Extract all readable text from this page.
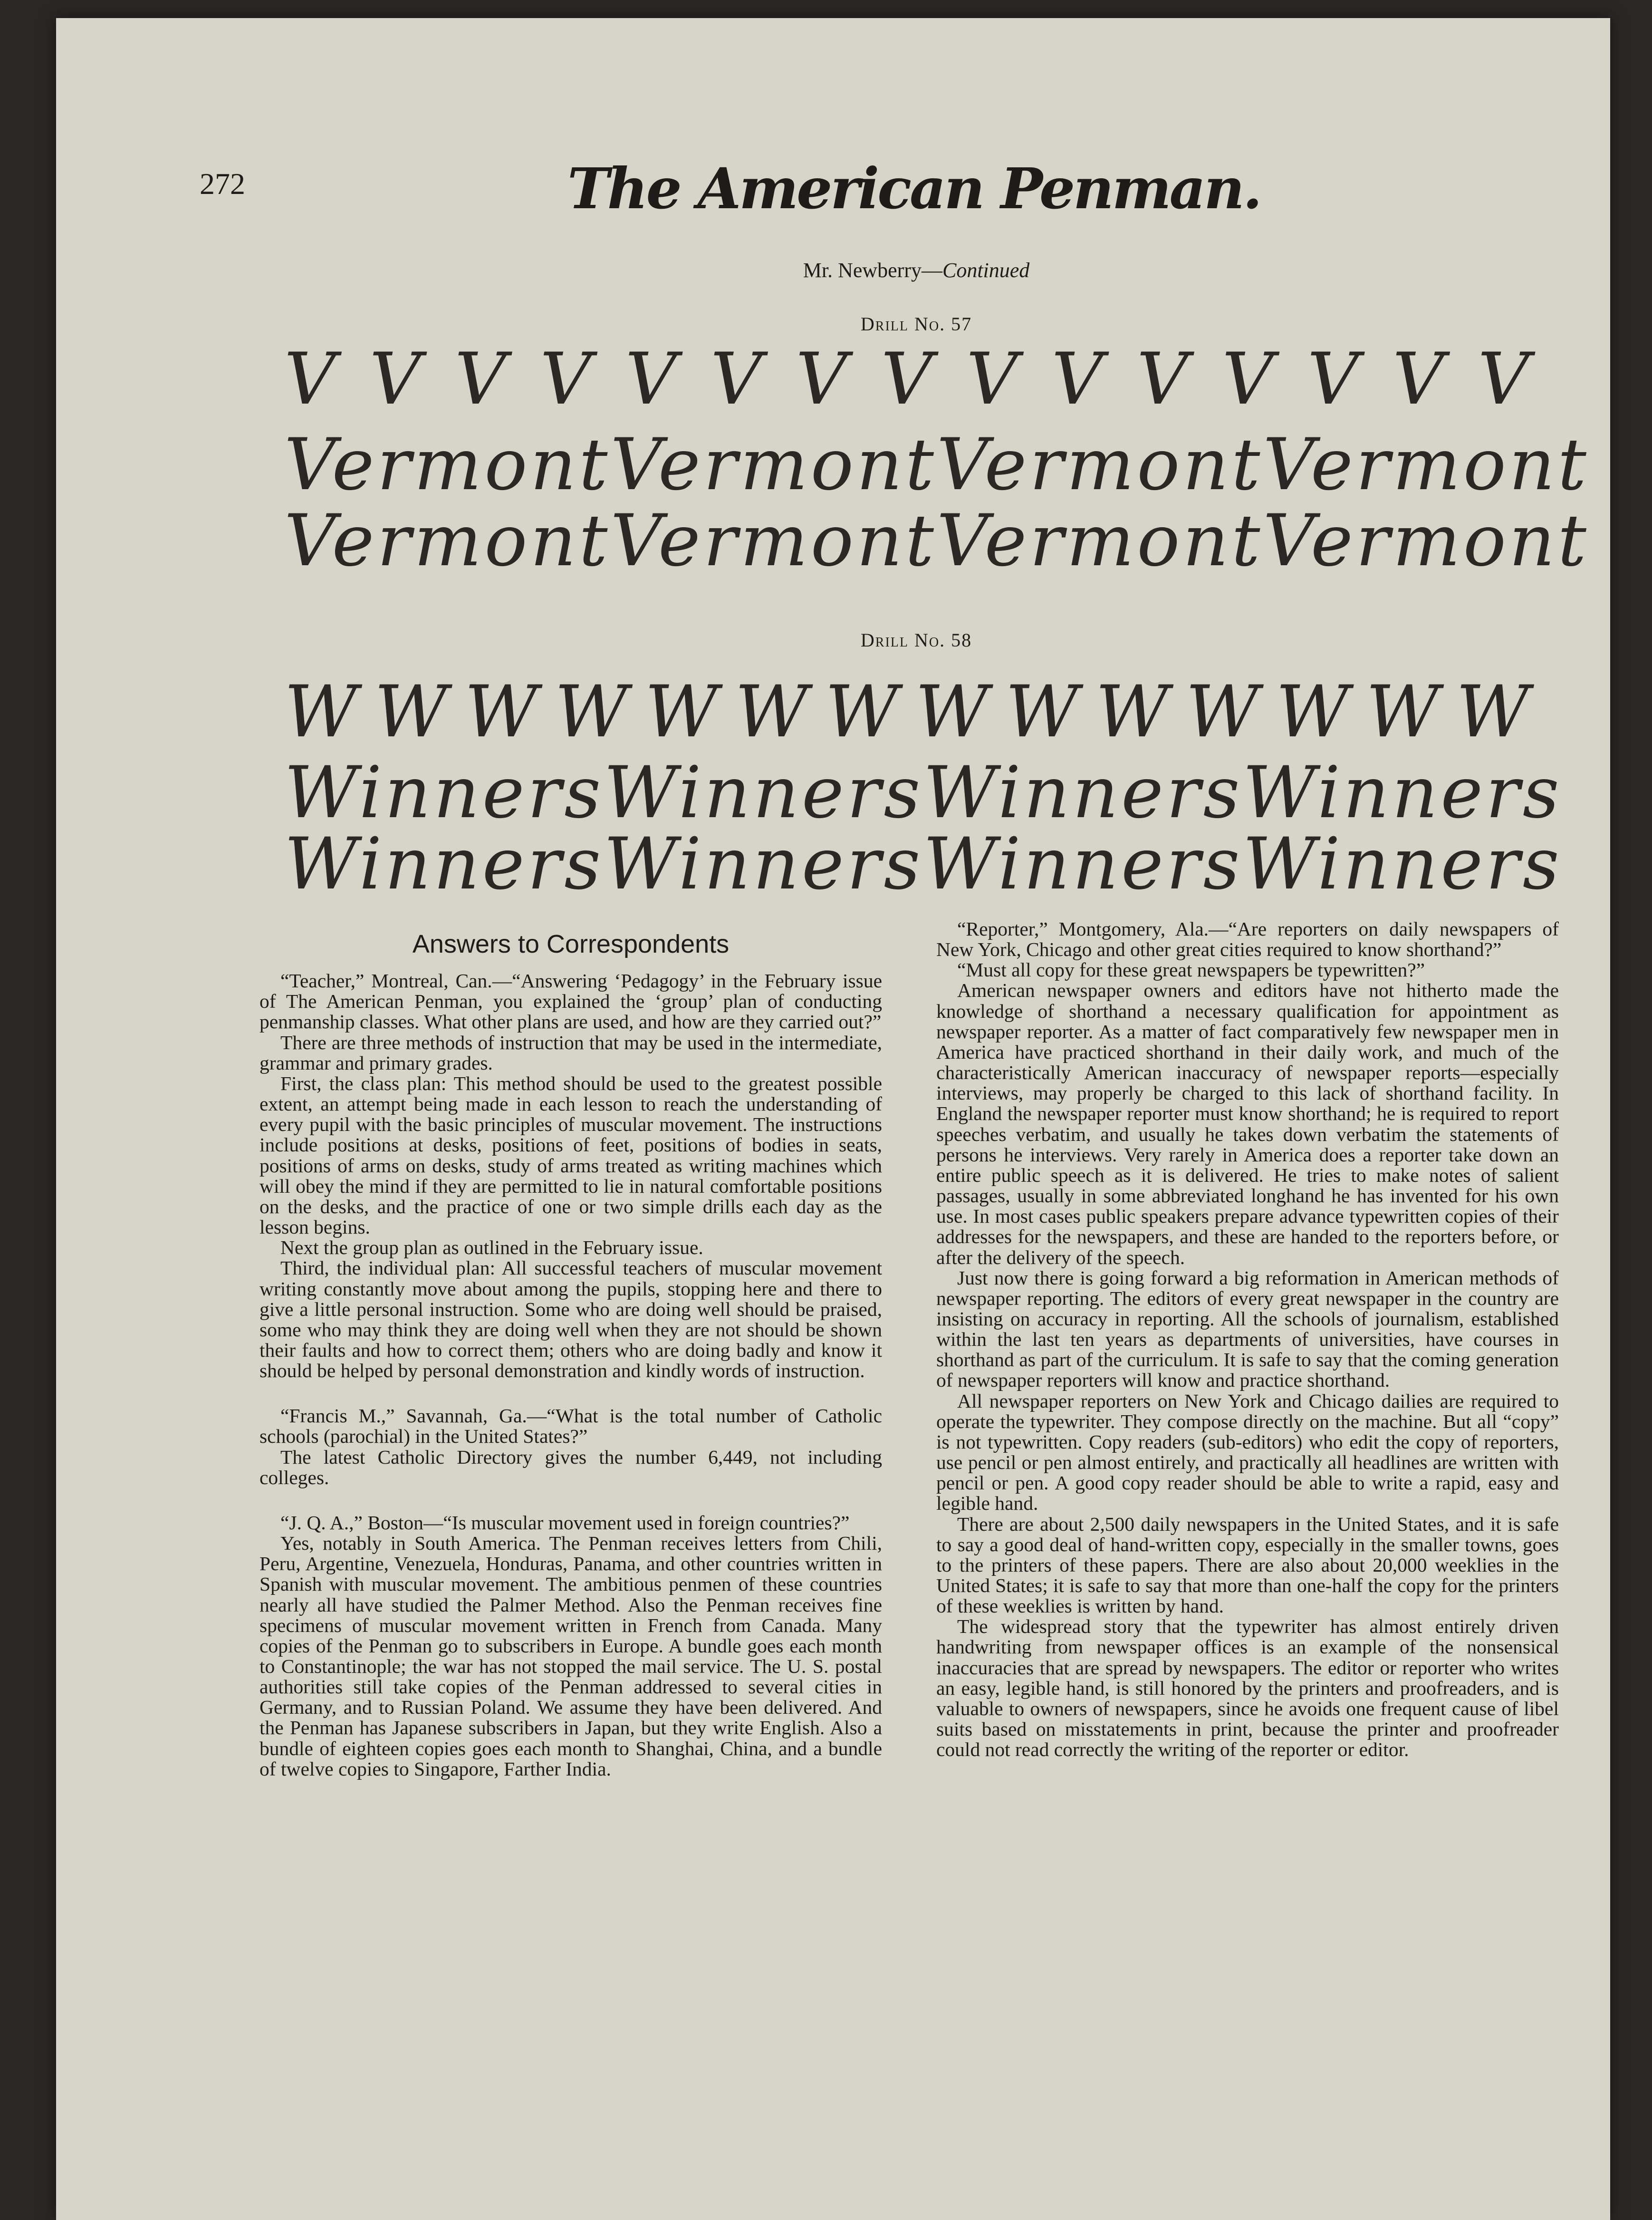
272	The American Penman.
Mr. Newberry—Continued
Drill No. 57
V V V V V V V V V V V V V V V
Vermont Vermont Vermont Vermont
Vermont Vermont Vermont Vermont
Drill No. 58
W W W W W W W W W W W W W W
Winners Winners Winners Winners
Winners Winners Winners Winners
Answers to Correspondents

“Teacher,” Montreal, Can.—“Answering ‘Pedagogy’ in the February issue of The American Penman, you explained the ‘group’ plan of conducting penmanship classes. What other plans are used, and how are they carried out?”

There are three methods of instruction that may be used in the intermediate, grammar and primary grades.

First, the class plan: This method should be used to the greatest possible extent, an attempt being made in each lesson to reach the understanding of every pupil with the basic principles of muscular movement. The instructions include positions at desks, positions of feet, positions of bodies in seats, positions of arms on desks, study of arms treated as writing machines which will obey the mind if they are permitted to lie in natural comfortable positions on the desks, and the practice of one or two simple drills each day as the lesson begins.

Next the group plan as outlined in the February issue.

Third, the individual plan: All successful teachers of muscular movement writing constantly move about among the pupils, stopping here and there to give a little personal instruction. Some who are doing well should be praised, some who may think they are doing well when they are not should be shown their faults and how to correct them; others who are doing badly and know it should be helped by personal demonstration and kindly words of instruction.

“Francis M.,” Savannah, Ga.—“What is the total number of Catholic schools (parochial) in the United States?”

The latest Catholic Directory gives the number 6,449, not including colleges.

“J. Q. A.,” Boston—“Is muscular movement used in foreign countries?”

Yes, notably in South America. The Penman receives letters from Chili, Peru, Argentine, Venezuela, Honduras, Panama, and other countries written in Spanish with muscular movement. The ambitious penmen of these countries nearly all have studied the Palmer Method. Also the Penman receives fine specimens of muscular movement written in French from Canada. Many copies of the Penman go to subscribers in Europe. A bundle goes each month to Constantinople; the war has not stopped the mail service. The U. S. postal authorities still take copies of the Penman addressed to several cities in Germany, and to Russian Poland. We assume they have been delivered. And the Penman has Japanese subscribers in Japan, but they write English. Also a bundle of eighteen copies goes each month to Shanghai, China, and a bundle of twelve copies to Singapore, Farther India.

“Reporter,” Montgomery, Ala.—“Are reporters on daily newspapers of New York, Chicago and other great cities required to know shorthand?”

“Must all copy for these great newspapers be typewritten?”

American newspaper owners and editors have not hitherto made the knowledge of shorthand a necessary qualification for appointment as newspaper reporter. As a matter of fact comparatively few newspaper men in America have practiced shorthand in their daily work, and much of the characteristically American inaccuracy of newspaper reports—especially interviews, may properly be charged to this lack of shorthand facility. In England the newspaper reporter must know shorthand; he is required to report speeches verbatim, and usually he takes down verbatim the statements of persons he interviews. Very rarely in America does a reporter take down an entire public speech as it is delivered. He tries to make notes of salient passages, usually in some abbreviated longhand he has invented for his own use. In most cases public speakers prepare advance typewritten copies of their addresses for the newspapers, and these are handed to the reporters before, or after the delivery of the speech.

Just now there is going forward a big reformation in American methods of newspaper reporting. The editors of every great newspaper in the country are insisting on accuracy in reporting. All the schools of journalism, established within the last ten years as departments of universities, have courses in shorthand as part of the curriculum. It is safe to say that the coming generation of newspaper reporters will know and practice shorthand.

All newspaper reporters on New York and Chicago dailies are required to operate the typewriter. They compose directly on the machine. But all “copy” is not typewritten. Copy readers (sub-editors) who edit the copy of reporters, use pencil or pen almost entirely, and practically all headlines are written with pencil or pen. A good copy reader should be able to write a rapid, easy and legible hand.

There are about 2,500 daily newspapers in the United States, and it is safe to say a good deal of hand-written copy, especially in the smaller towns, goes to the printers of these papers. There are also about 20,000 weeklies in the United States; it is safe to say that more than one-half the copy for the printers of these weeklies is written by hand.

The widespread story that the typewriter has almost entirely driven handwriting from newspaper offices is an example of the nonsensical inaccuracies that are spread by newspapers. The editor or reporter who writes an easy, legible hand, is still honored by the printers and proofreaders, and is valuable to owners of newspapers, since he avoids one frequent cause of libel suits based on misstatements in print, because the printer and proofreader could not read correctly the writing of the reporter or editor.
